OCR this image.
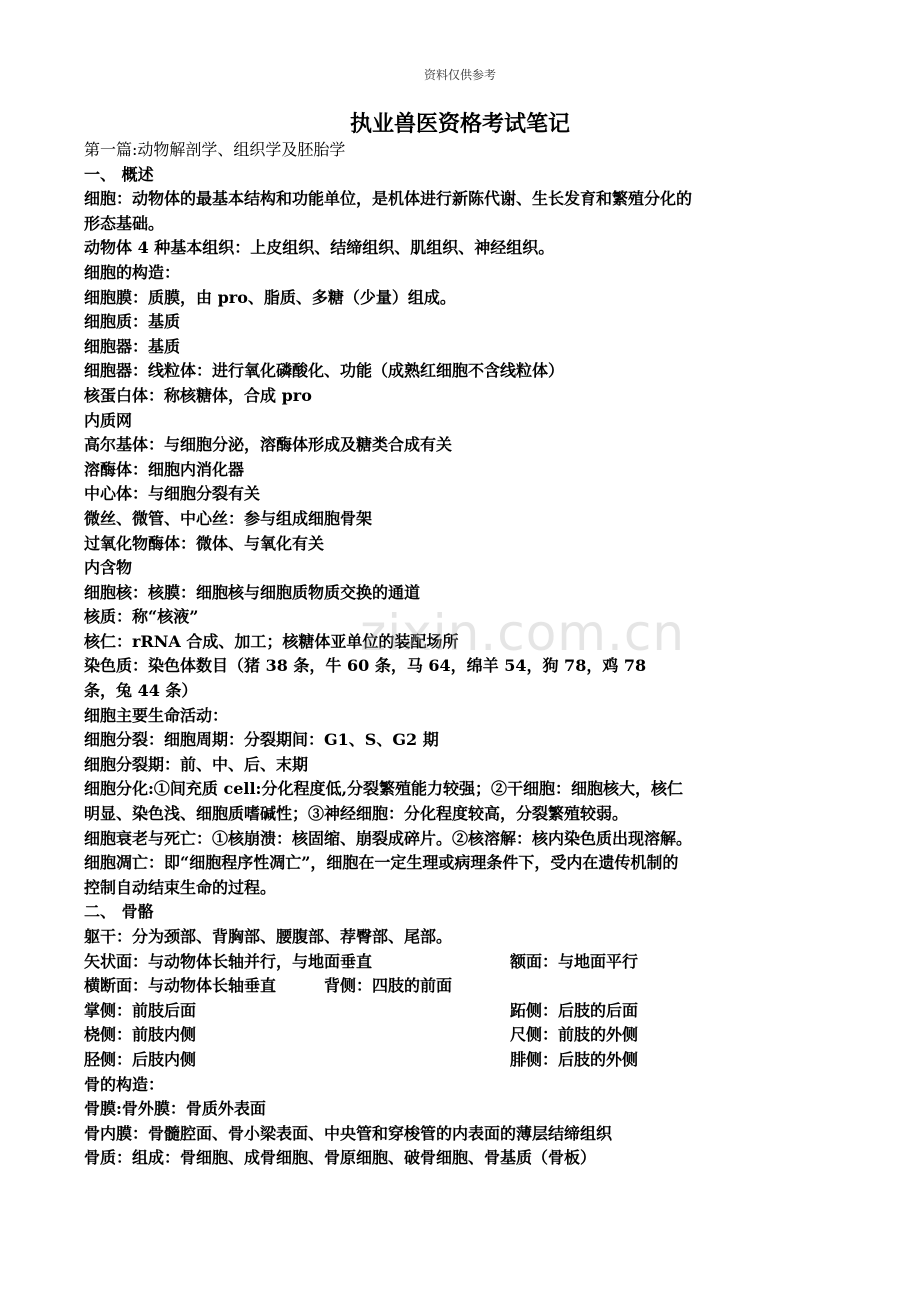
资料仅供参考
执业兽医资格考试笔记
第一篇:动物解剖学、组织学及胚胎学
一、 概述
细胞：动物体的最基本结构和功能单位，是机体进行新陈代谢、生长发育和繁殖分化的
形态基础。
动物体 4 种基本组织：上皮组织、结缔组织、肌组织、神经组织。
细胞的构造：
细胞膜：质膜，由 pro、脂质、多糖（少量）组成。
细胞质：基质
细胞器：基质
细胞器：线粒体：进行氧化磷酸化、功能（成熟红细胞不含线粒体）
核蛋白体：称核糖体，合成 pro
内质网
高尔基体：与细胞分泌，溶酶体形成及糖类合成有关
溶酶体：细胞内消化器
中心体：与细胞分裂有关
微丝、微管、中心丝：参与组成细胞骨架
过氧化物酶体：微体、与氧化有关
内含物
细胞核：核膜：细胞核与细胞质物质交换的通道
核质：称“核液”
核仁：rRNA 合成、加工；核糖体亚单位的装配场所
染色质：染色体数目（猪 38 条，牛 60 条，马 64，绵羊 54，狗 78，鸡 78
条，兔 44 条）
细胞主要生命活动：
细胞分裂：细胞周期：分裂期间：G1、S、G2 期
细胞分裂期：前、中、后、末期
细胞分化:①间充质 cell:分化程度低,分裂繁殖能力较强；②干细胞：细胞核大，核仁
明显、染色浅、细胞质嗜碱性；③神经细胞：分化程度较高，分裂繁殖较弱。
细胞衰老与死亡：①核崩溃：核固缩、崩裂成碎片。②核溶解：核内染色质出现溶解。
细胞凋亡：即“细胞程序性凋亡”，细胞在一定生理或病理条件下，受内在遗传机制的
控制自动结束生命的过程。
二、 骨骼
躯干：分为颈部、背胸部、腰腹部、荐臀部、尾部。
矢状面：与动物体长轴并行，与地面垂直	额面：与地面平行
横断面：与动物体长轴垂直　　　背侧：四肢的前面
掌侧：前肢后面	跖侧：后肢的后面
桡侧：前肢内侧	尺侧：前肢的外侧
胫侧：后肢内侧	腓侧：后肢的外侧
骨的构造：
骨膜:骨外膜：骨质外表面
骨内膜：骨髓腔面、骨小梁表面、中央管和穿梭管的内表面的薄层结缔组织
骨质：组成：骨细胞、成骨细胞、骨原细胞、破骨细胞、骨基质（骨板）
zixin.com.cn
